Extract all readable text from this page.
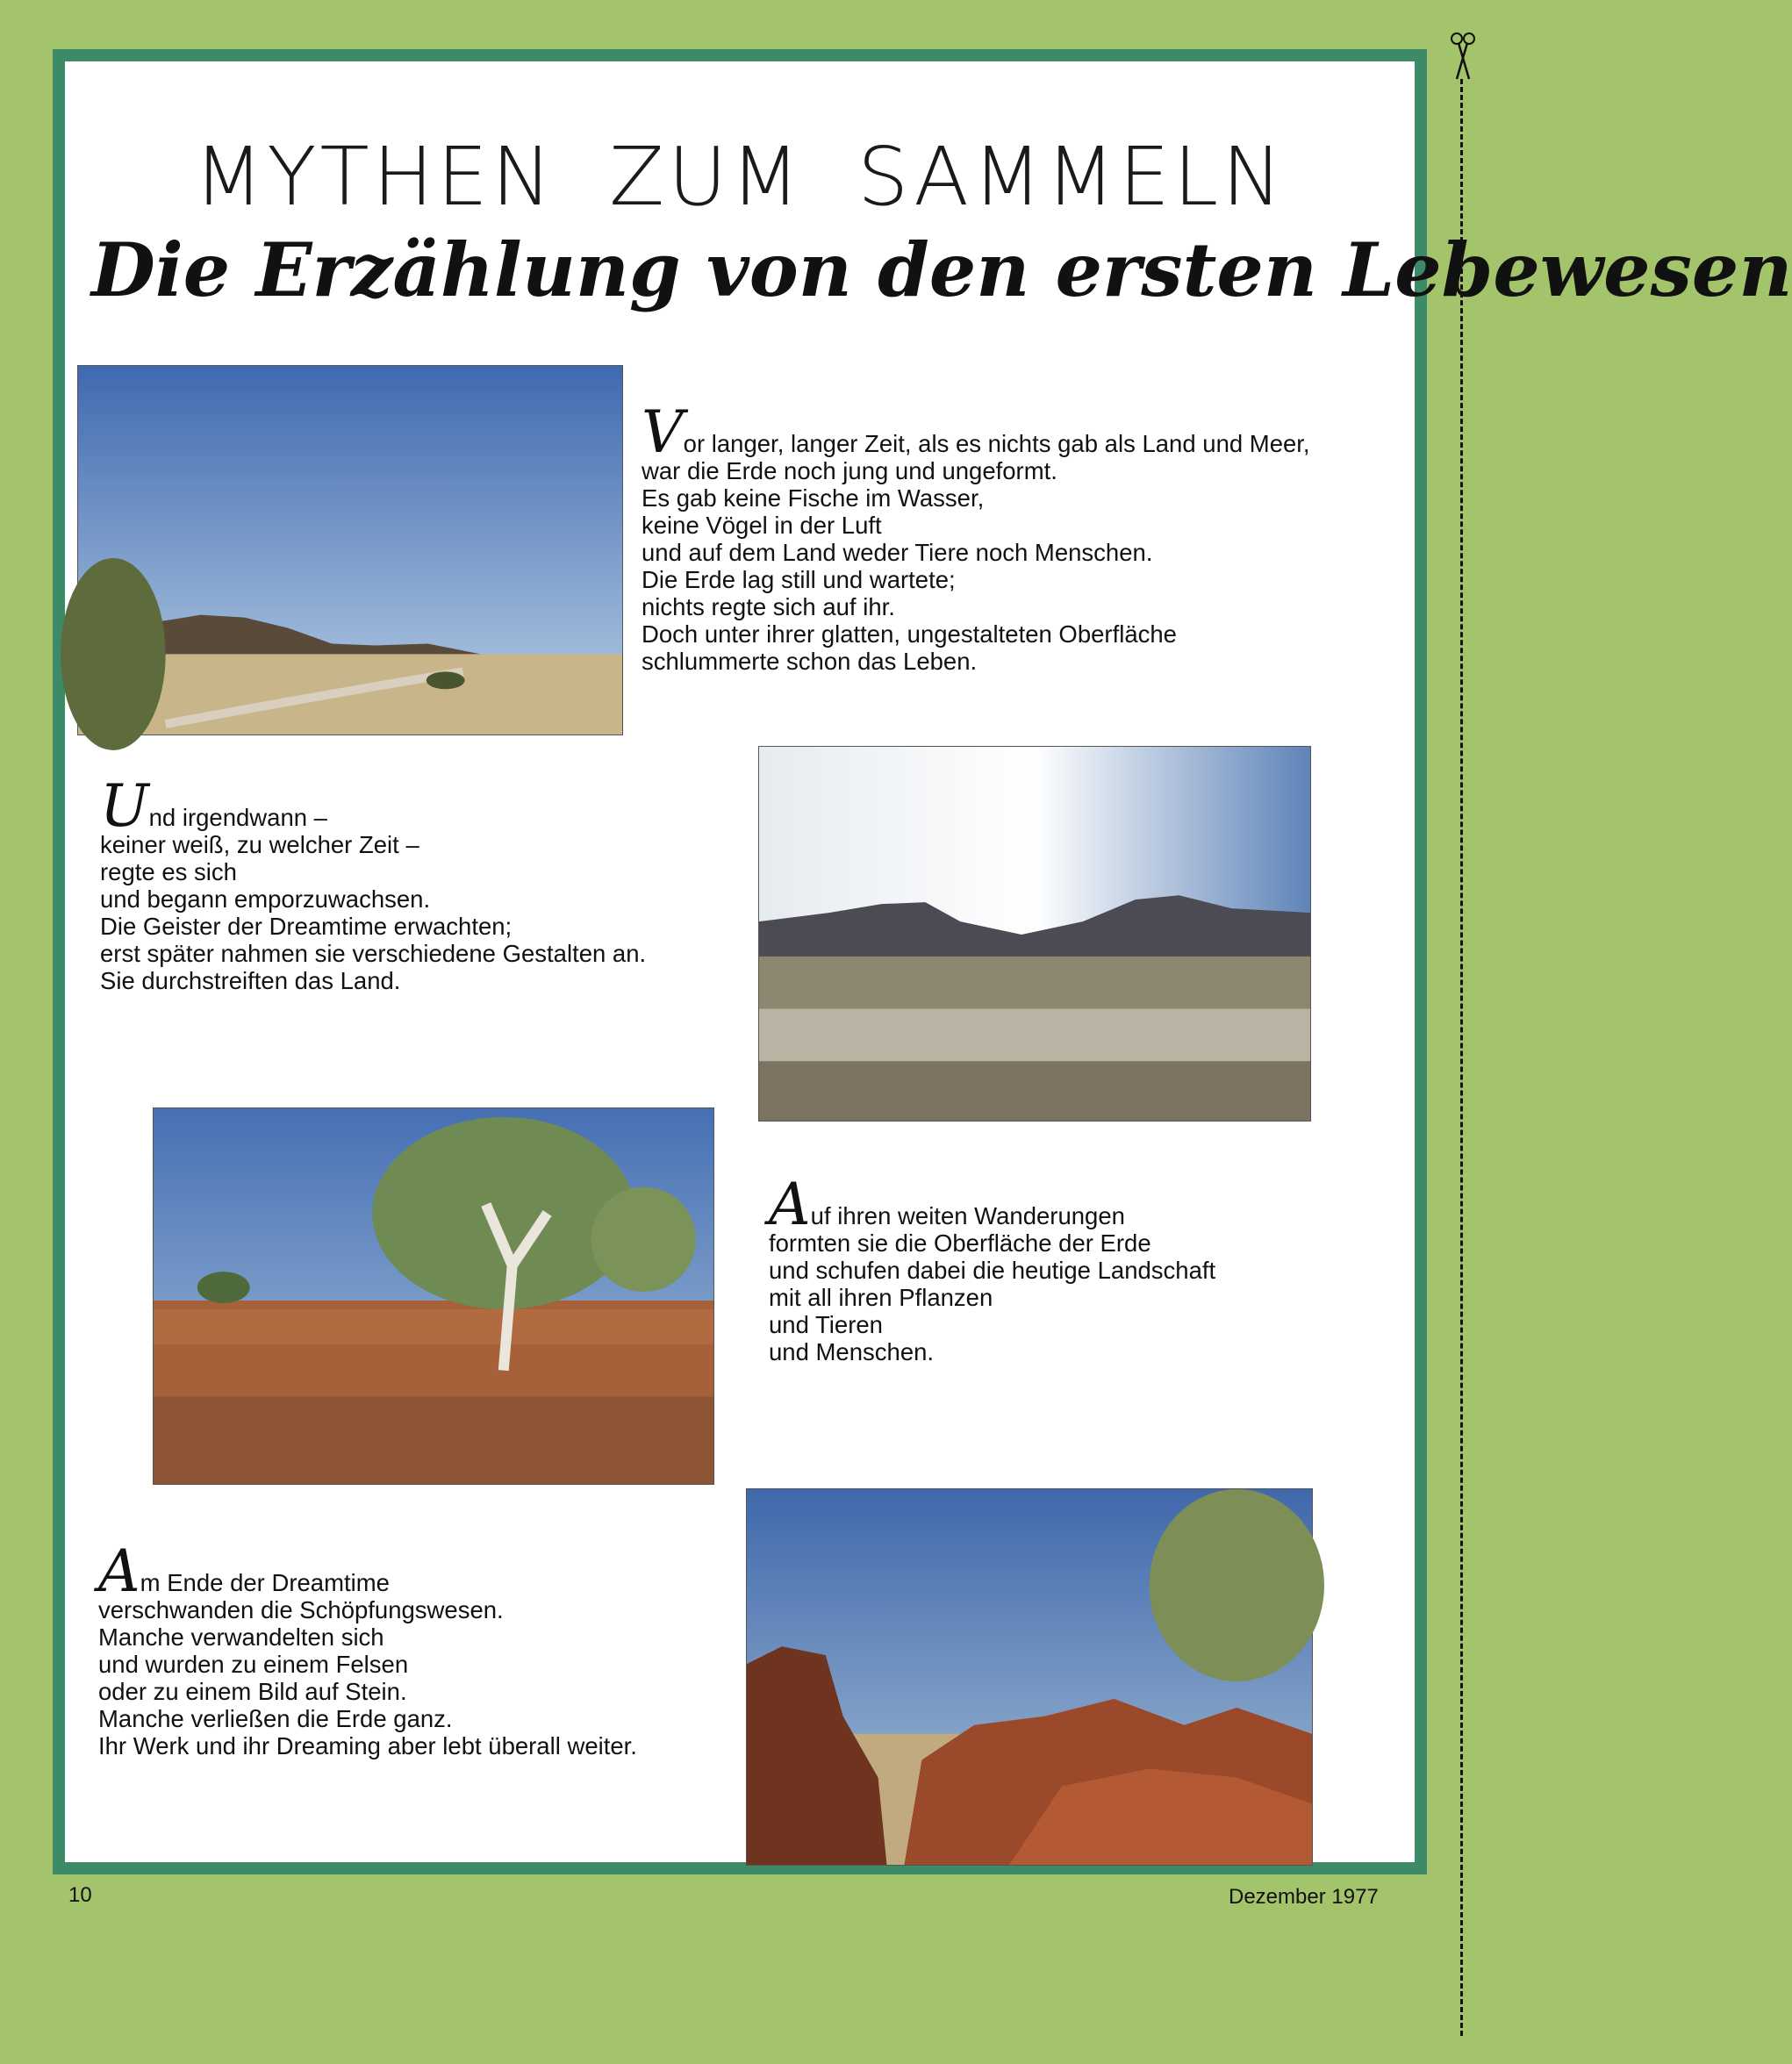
MYTHEN ZUM SAMMELN
Die Erzählung von den ersten Lebewesen

Vor langer, langer Zeit, als es nichts gab als Land und Meer,
war die Erde noch jung und ungeformt.
Es gab keine Fische im Wasser,
keine Vögel in der Luft
und auf dem Land weder Tiere noch Menschen.
Die Erde lag still und wartete;
nichts regte sich auf ihr.
Doch unter ihrer glatten, ungestalteten Oberfläche
schlummerte schon das Leben.

Und irgendwann –
keiner weiß, zu welcher Zeit –
regte es sich
und begann emporzuwachsen.
Die Geister der Dreamtime erwachten;
erst später nahmen sie verschiedene Gestalten an.
Sie durchstreiften das Land.

Auf ihren weiten Wanderungen
formten sie die Oberfläche der Erde
und schufen dabei die heutige Landschaft
mit all ihren Pflanzen
und Tieren
und Menschen.

Am Ende der Dreamtime
verschwanden die Schöpfungswesen.
Manche verwandelten sich
und wurden zu einem Felsen
oder zu einem Bild auf Stein.
Manche verließen die Erde ganz.
Ihr Werk und ihr Dreaming aber lebt überall weiter.

10	Dezember 1977
